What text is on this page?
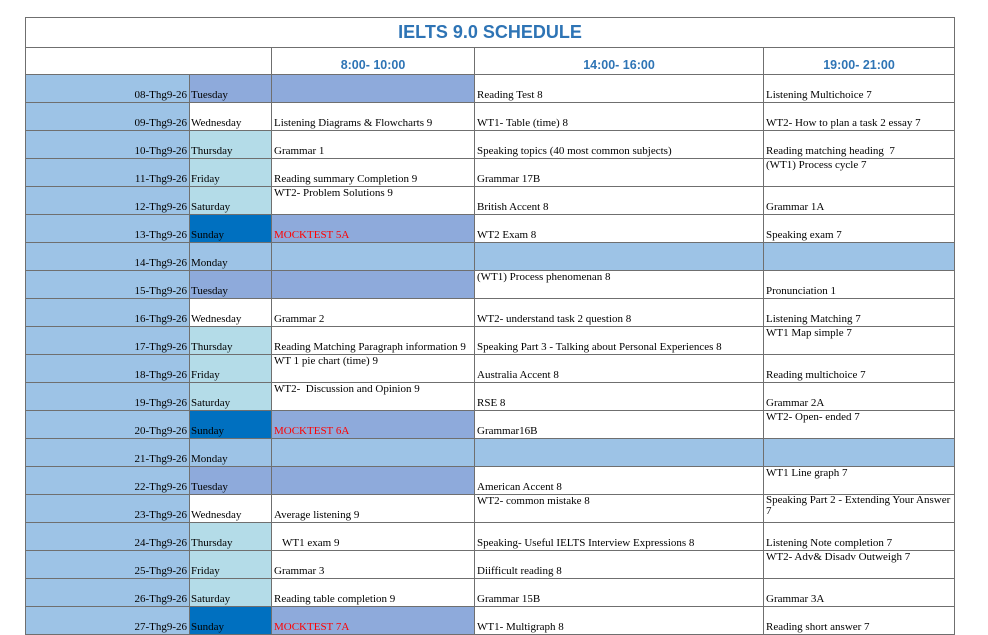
IELTS 9.0 SCHEDULE				
		8:00- 10:00	14:00- 16:00	19:00- 21:00
08-Thg9-26	Tuesday		Reading Test 8	Listening Multichoice 7
09-Thg9-26	Wednesday	Listening Diagrams & Flowcharts 9	WT1- Table (time) 8	WT2- How to plan a task 2 essay 7
10-Thg9-26	Thursday	Grammar 1	Speaking topics (40 most common subjects)	Reading matching heading  7
11-Thg9-26	Friday	Reading summary Completion 9	Grammar 17B	(WT1) Process cycle 7
12-Thg9-26	Saturday	WT2- Problem Solutions 9	British Accent 8	Grammar 1A
13-Thg9-26	Sunday	MOCKTEST 5A	WT2 Exam 8	Speaking exam 7
14-Thg9-26	Monday			
15-Thg9-26	Tuesday		(WT1) Process phenomenan 8	Pronunciation 1
16-Thg9-26	Wednesday	Grammar 2	WT2- understand task 2 question 8	Listening Matching 7
17-Thg9-26	Thursday	Reading Matching Paragraph information 9	Speaking Part 3 - Talking about Personal Experiences 8	WT1 Map simple 7
18-Thg9-26	Friday	WT 1 pie chart (time) 9	Australia Accent 8	Reading multichoice 7
19-Thg9-26	Saturday	WT2-  Discussion and Opinion 9	RSE 8	Grammar 2A
20-Thg9-26	Sunday	MOCKTEST 6A	Grammar16B	WT2- Open- ended 7
21-Thg9-26	Monday			
22-Thg9-26	Tuesday		American Accent 8	WT1 Line graph 7
23-Thg9-26	Wednesday	Average listening 9	WT2- common mistake 8	Speaking Part 2 - Extending Your Answer 7
24-Thg9-26	Thursday	WT1 exam 9	Speaking- Useful IELTS Interview Expressions 8	Listening Note completion 7
25-Thg9-26	Friday	Grammar 3	Diifficult reading 8	WT2- Adv& Disadv Outweigh 7
26-Thg9-26	Saturday	Reading table completion 9	Grammar 15B	Grammar 3A
27-Thg9-26	Sunday	MOCKTEST 7A	WT1- Multigraph 8	Reading short answer 7
